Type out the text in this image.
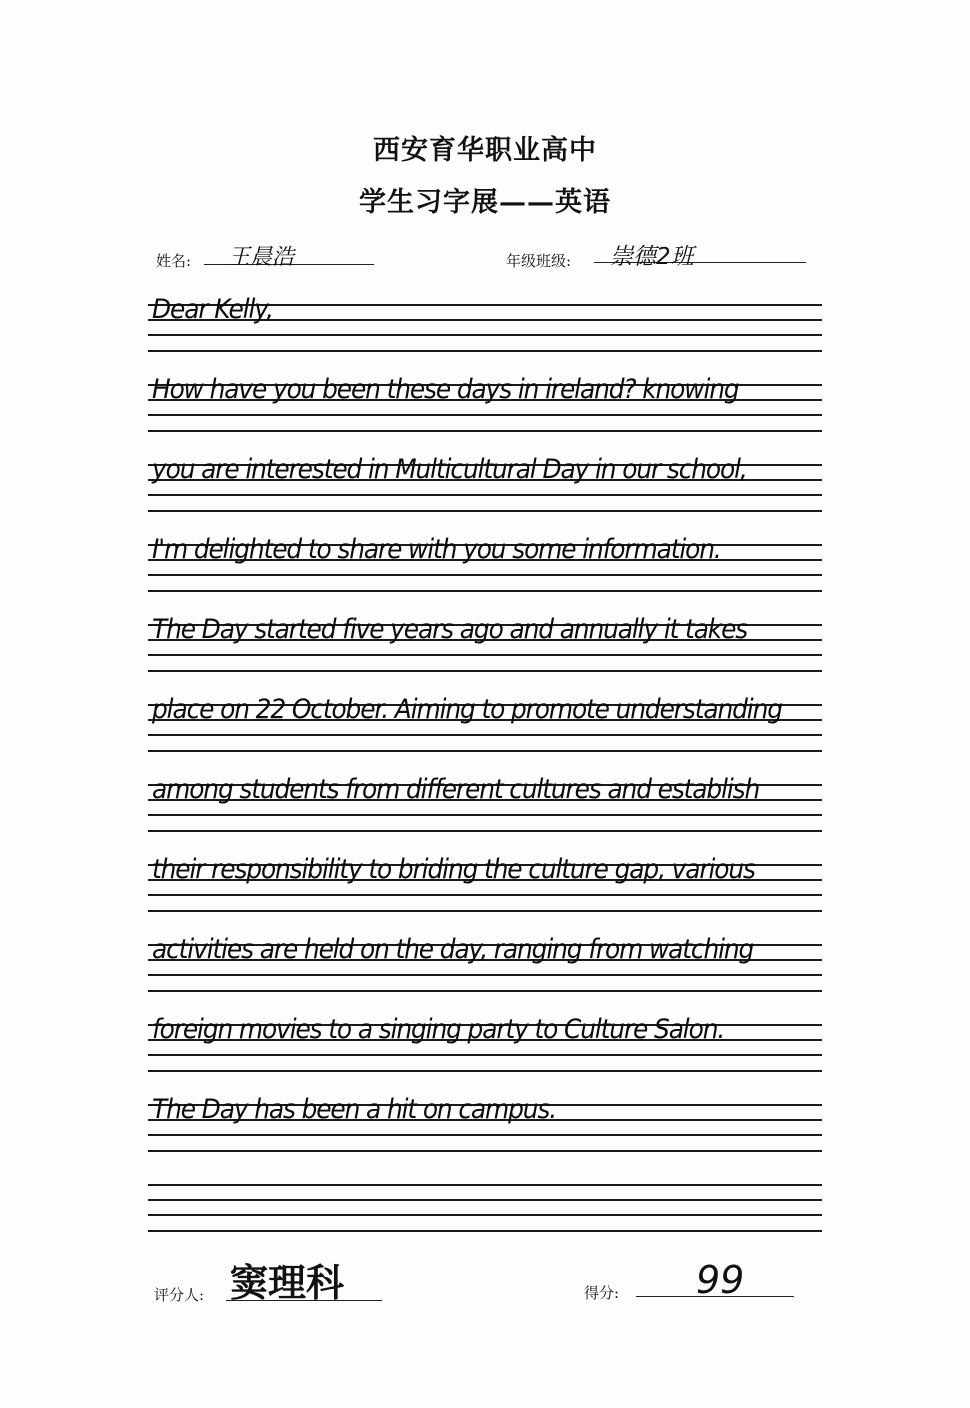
西安育华职业高中
学生习字展——英语
姓名: 王晨浩	年级班级: 崇德2班
Dear Kelly,
How have you been these days in ireland? knowing
you are interested in Multicultural Day in our school,
I'm delighted to share with you some information.
The Day started five years ago and annually it takes
place on 22 October. Aiming to promote understanding
among students from different cultures and establish
their responsibility to briding the culture gap, various
activities are held on the day, ranging from watching
foreign movies to a singing party to Culture Salon.
The Day has been a hit on campus.
评分人: 窦理科	得分: 99
